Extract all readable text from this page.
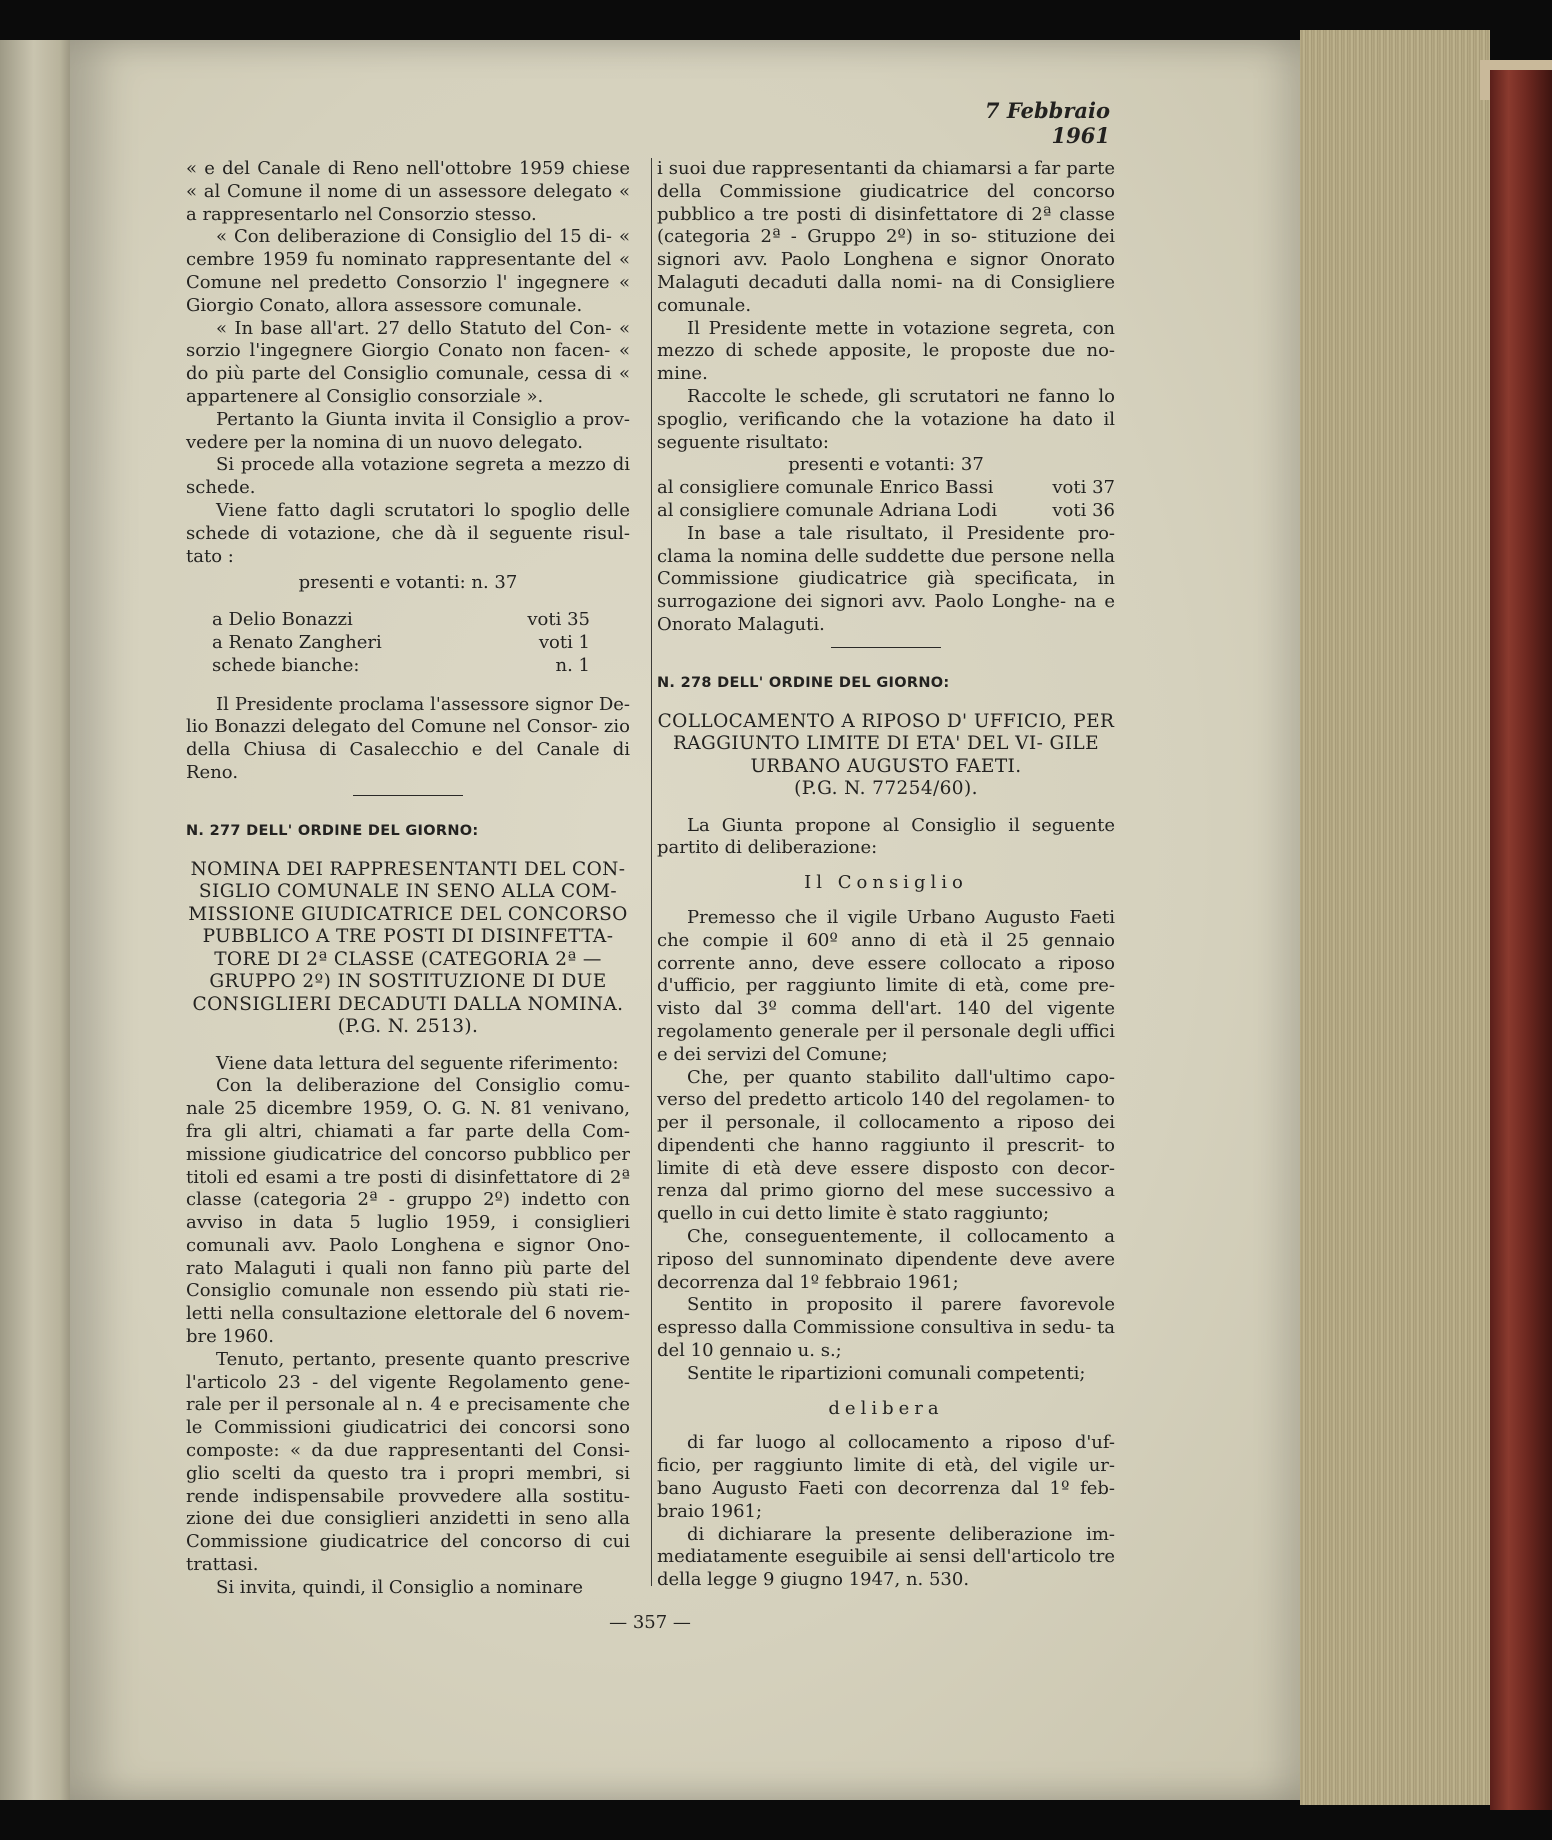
7 Febbraio 1961

« e del Canale di Reno nell'ottobre 1959 chiese « al Comune il nome di un assessore delegato « a rappresentarlo nel Consorzio stesso.

« Con deliberazione di Consiglio del 15 di- « cembre 1959 fu nominato rappresentante del « Comune nel predetto Consorzio l' ingegnere « Giorgio Conato, allora assessore comunale.

« In base all'art. 27 dello Statuto del Con- « sorzio l'ingegnere Giorgio Conato non facen- « do più parte del Consiglio comunale, cessa di « appartenere al Consiglio consorziale ».

Pertanto la Giunta invita il Consiglio a prov- vedere per la nomina di un nuovo delegato.

Si procede alla votazione segreta a mezzo di schede.

Viene fatto dagli scrutatori lo spoglio delle schede di votazione, che dà il seguente risul- tato :

presenti e votanti: n. 37

a Delio Bonazzi	voti 35
a Renato Zangheri	voti 1
schede bianche:	n. 1

Il Presidente proclama l'assessore signor De- lio Bonazzi delegato del Comune nel Consor- zio della Chiusa di Casalecchio e del Canale di Reno.

N. 277 DELL' ORDINE DEL GIORNO:

NOMINA DEI RAPPRESENTANTI DEL CON- SIGLIO COMUNALE IN SENO ALLA COM- MISSIONE GIUDICATRICE DEL CONCORSO PUBBLICO A TRE POSTI DI DISINFETTA- TORE DI 2ª CLASSE (CATEGORIA 2ª — GRUPPO 2º) IN SOSTITUZIONE DI DUE CONSIGLIERI DECADUTI DALLA NOMINA.

(P.G. N. 2513).

Viene data lettura del seguente riferimento:

Con la deliberazione del Consiglio comu- nale 25 dicembre 1959, O. G. N. 81 venivano, fra gli altri, chiamati a far parte della Com- missione giudicatrice del concorso pubblico per titoli ed esami a tre posti di disinfettatore di 2ª classe (categoria 2ª - gruppo 2º) indetto con avviso in data 5 luglio 1959, i consiglieri comunali avv. Paolo Longhena e signor Ono- rato Malaguti i quali non fanno più parte del Consiglio comunale non essendo più stati rie- letti nella consultazione elettorale del 6 novem- bre 1960.

Tenuto, pertanto, presente quanto prescrive l'articolo 23 - del vigente Regolamento gene- rale per il personale al n. 4 e precisamente che le Commissioni giudicatrici dei concorsi sono composte: « da due rappresentanti del Consi- glio scelti da questo tra i propri membri, si rende indispensabile provvedere alla sostitu- zione dei due consiglieri anzidetti in seno alla Commissione giudicatrice del concorso di cui trattasi.

Si invita, quindi, il Consiglio a nominare

i suoi due rappresentanti da chiamarsi a far parte della Commissione giudicatrice del concorso pubblico a tre posti di disinfettatore di 2ª classe (categoria 2ª - Gruppo 2º) in so- stituzione dei signori avv. Paolo Longhena e signor Onorato Malaguti decaduti dalla nomi- na di Consigliere comunale.

Il Presidente mette in votazione segreta, con mezzo di schede apposite, le proposte due no- mine.

Raccolte le schede, gli scrutatori ne fanno lo spoglio, verificando che la votazione ha dato il seguente risultato:

presenti e votanti: 37

al consigliere comunale Enrico Bassi	voti 37
al consigliere comunale Adriana Lodi	voti 36

In base a tale risultato, il Presidente pro- clama la nomina delle suddette due persone nella Commissione giudicatrice già specificata, in surrogazione dei signori avv. Paolo Longhe- na e Onorato Malaguti.

N. 278 DELL' ORDINE DEL GIORNO:

COLLOCAMENTO A RIPOSO D' UFFICIO, PER RAGGIUNTO LIMITE DI ETA' DEL VI- GILE URBANO AUGUSTO FAETI.

(P.G. N. 77254/60).

La Giunta propone al Consiglio il seguente partito di deliberazione:

Il Consiglio

Premesso che il vigile Urbano Augusto Faeti che compie il 60º anno di età il 25 gennaio corrente anno, deve essere collocato a riposo d'ufficio, per raggiunto limite di età, come pre- visto dal 3º comma dell'art. 140 del vigente regolamento generale per il personale degli uffici e dei servizi del Comune;

Che, per quanto stabilito dall'ultimo capo- verso del predetto articolo 140 del regolamen- to per il personale, il collocamento a riposo dei dipendenti che hanno raggiunto il prescrit- to limite di età deve essere disposto con decor- renza dal primo giorno del mese successivo a quello in cui detto limite è stato raggiunto;

Che, conseguentemente, il collocamento a riposo del sunnominato dipendente deve avere decorrenza dal 1º febbraio 1961;

Sentito in proposito il parere favorevole espresso dalla Commissione consultiva in sedu- ta del 10 gennaio u. s.;

Sentite le ripartizioni comunali competenti;

delibera

di far luogo al collocamento a riposo d'uf- ficio, per raggiunto limite di età, del vigile ur- bano Augusto Faeti con decorrenza dal 1º feb- braio 1961;

di dichiarare la presente deliberazione im- mediatamente eseguibile ai sensi dell'articolo tre della legge 9 giugno 1947, n. 530.

— 357 —
